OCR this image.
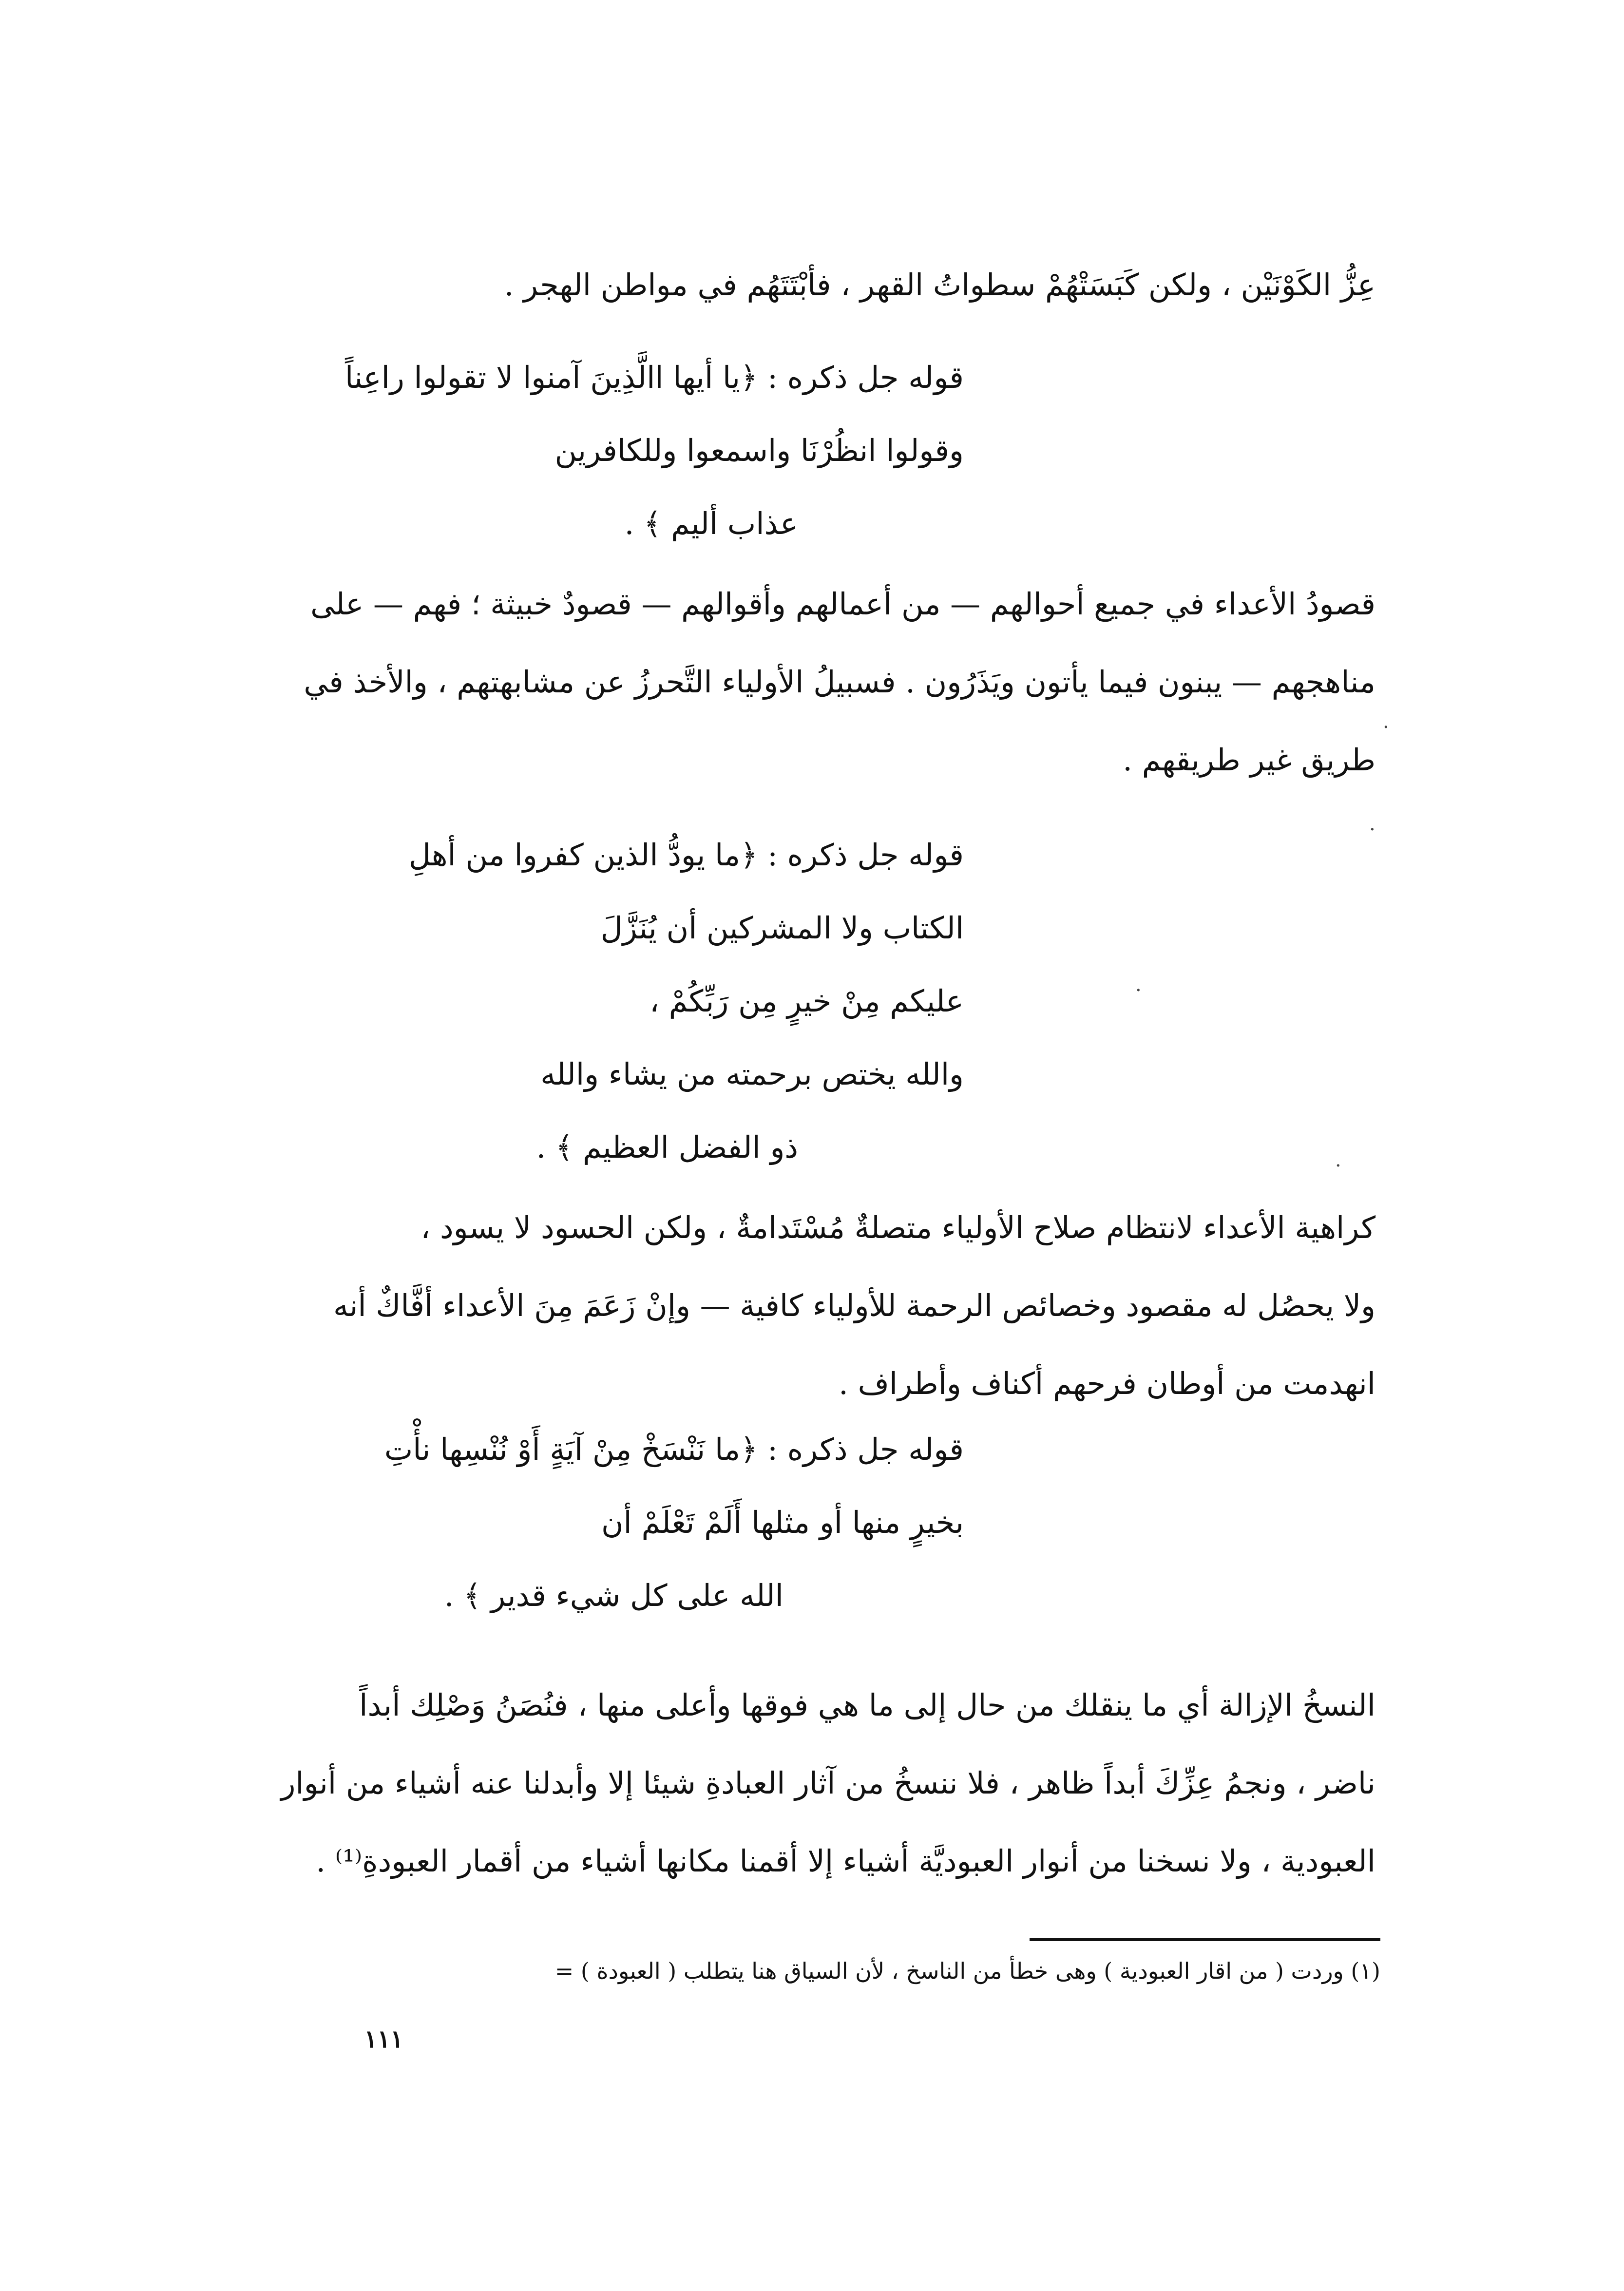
عِزُّ الكَوْنَيْن ، ولكن كَبَسَتْهُمْ سطواتُ القهر ، فأبْتَتَهُم في مواطن الهجر .
قوله جل ذكره : ﴿يا أيها االَّذِينَ آمنوا لا تقولوا راعِناً
وقولوا انظُرْنَا واسمعوا وللكافرين
عذاب أليم ﴾ .
قصودُ الأعداء في جميع أحوالهم — من أعمالهم وأقوالهم — قصودٌ خبيثة ؛ فهم — على
مناهجهم — يبنون فيما يأتون ويَذَرُون . فسبيلُ الأولياء التَّحرزُ عن مشابهتهم ، والأخذ في
طريق غير طريقهم .
قوله جل ذكره : ﴿ما يودُّ الذين كفروا من أهلِ
الكتاب ولا المشركين أن يُنَزَّلَ
عليكم مِنْ خيرٍ مِن رَبِّكُمْ ،
والله يختص برحمته من يشاء والله
ذو الفضل العظيم ﴾ .
كراهية الأعداء لانتظام صلاح الأولياء متصلةٌ مُسْتَدامةٌ ، ولكن الحسود لا يسود ،
ولا يحصُل له مقصود وخصائص الرحمة للأولياء كافية — وإنْ زَعَمَ مِنَ الأعداء أفَّاكٌ أنه
انهدمت من أوطان فرحهم أكناف وأطراف .
قوله جل ذكره : ﴿ما نَنْسَخْ مِنْ آيَةٍ أَوْ نُنْسِها نأْتِ
بخيرٍ منها أو مثلها أَلَمْ تَعْلَمْ أن
الله على كل شيء قدير ﴾ .
النسخُ الإزالة أي ما ينقلك من حال إلى ما هي فوقها وأعلى منها ، فنُصَنُ وَصْلِك أبداً
ناضر ، ونجمُ عِزِّكَ أبداً ظاهر ، فلا ننسخُ من آثار العبادةِ شيئا إلا وأبدلنا عنه أشياء من أنوار
العبودية ، ولا نسخنا من أنوار العبوديَّة أشياء إلا أقمنا مكانها أشياء من أقمار العبودةِ⁽¹⁾ .
(١) وردت ( من اقار العبودية ) وهى خطأ من الناسخ ، لأن السياق هنا يتطلب ( العبودة ) =
١١١
·
·
·
·
